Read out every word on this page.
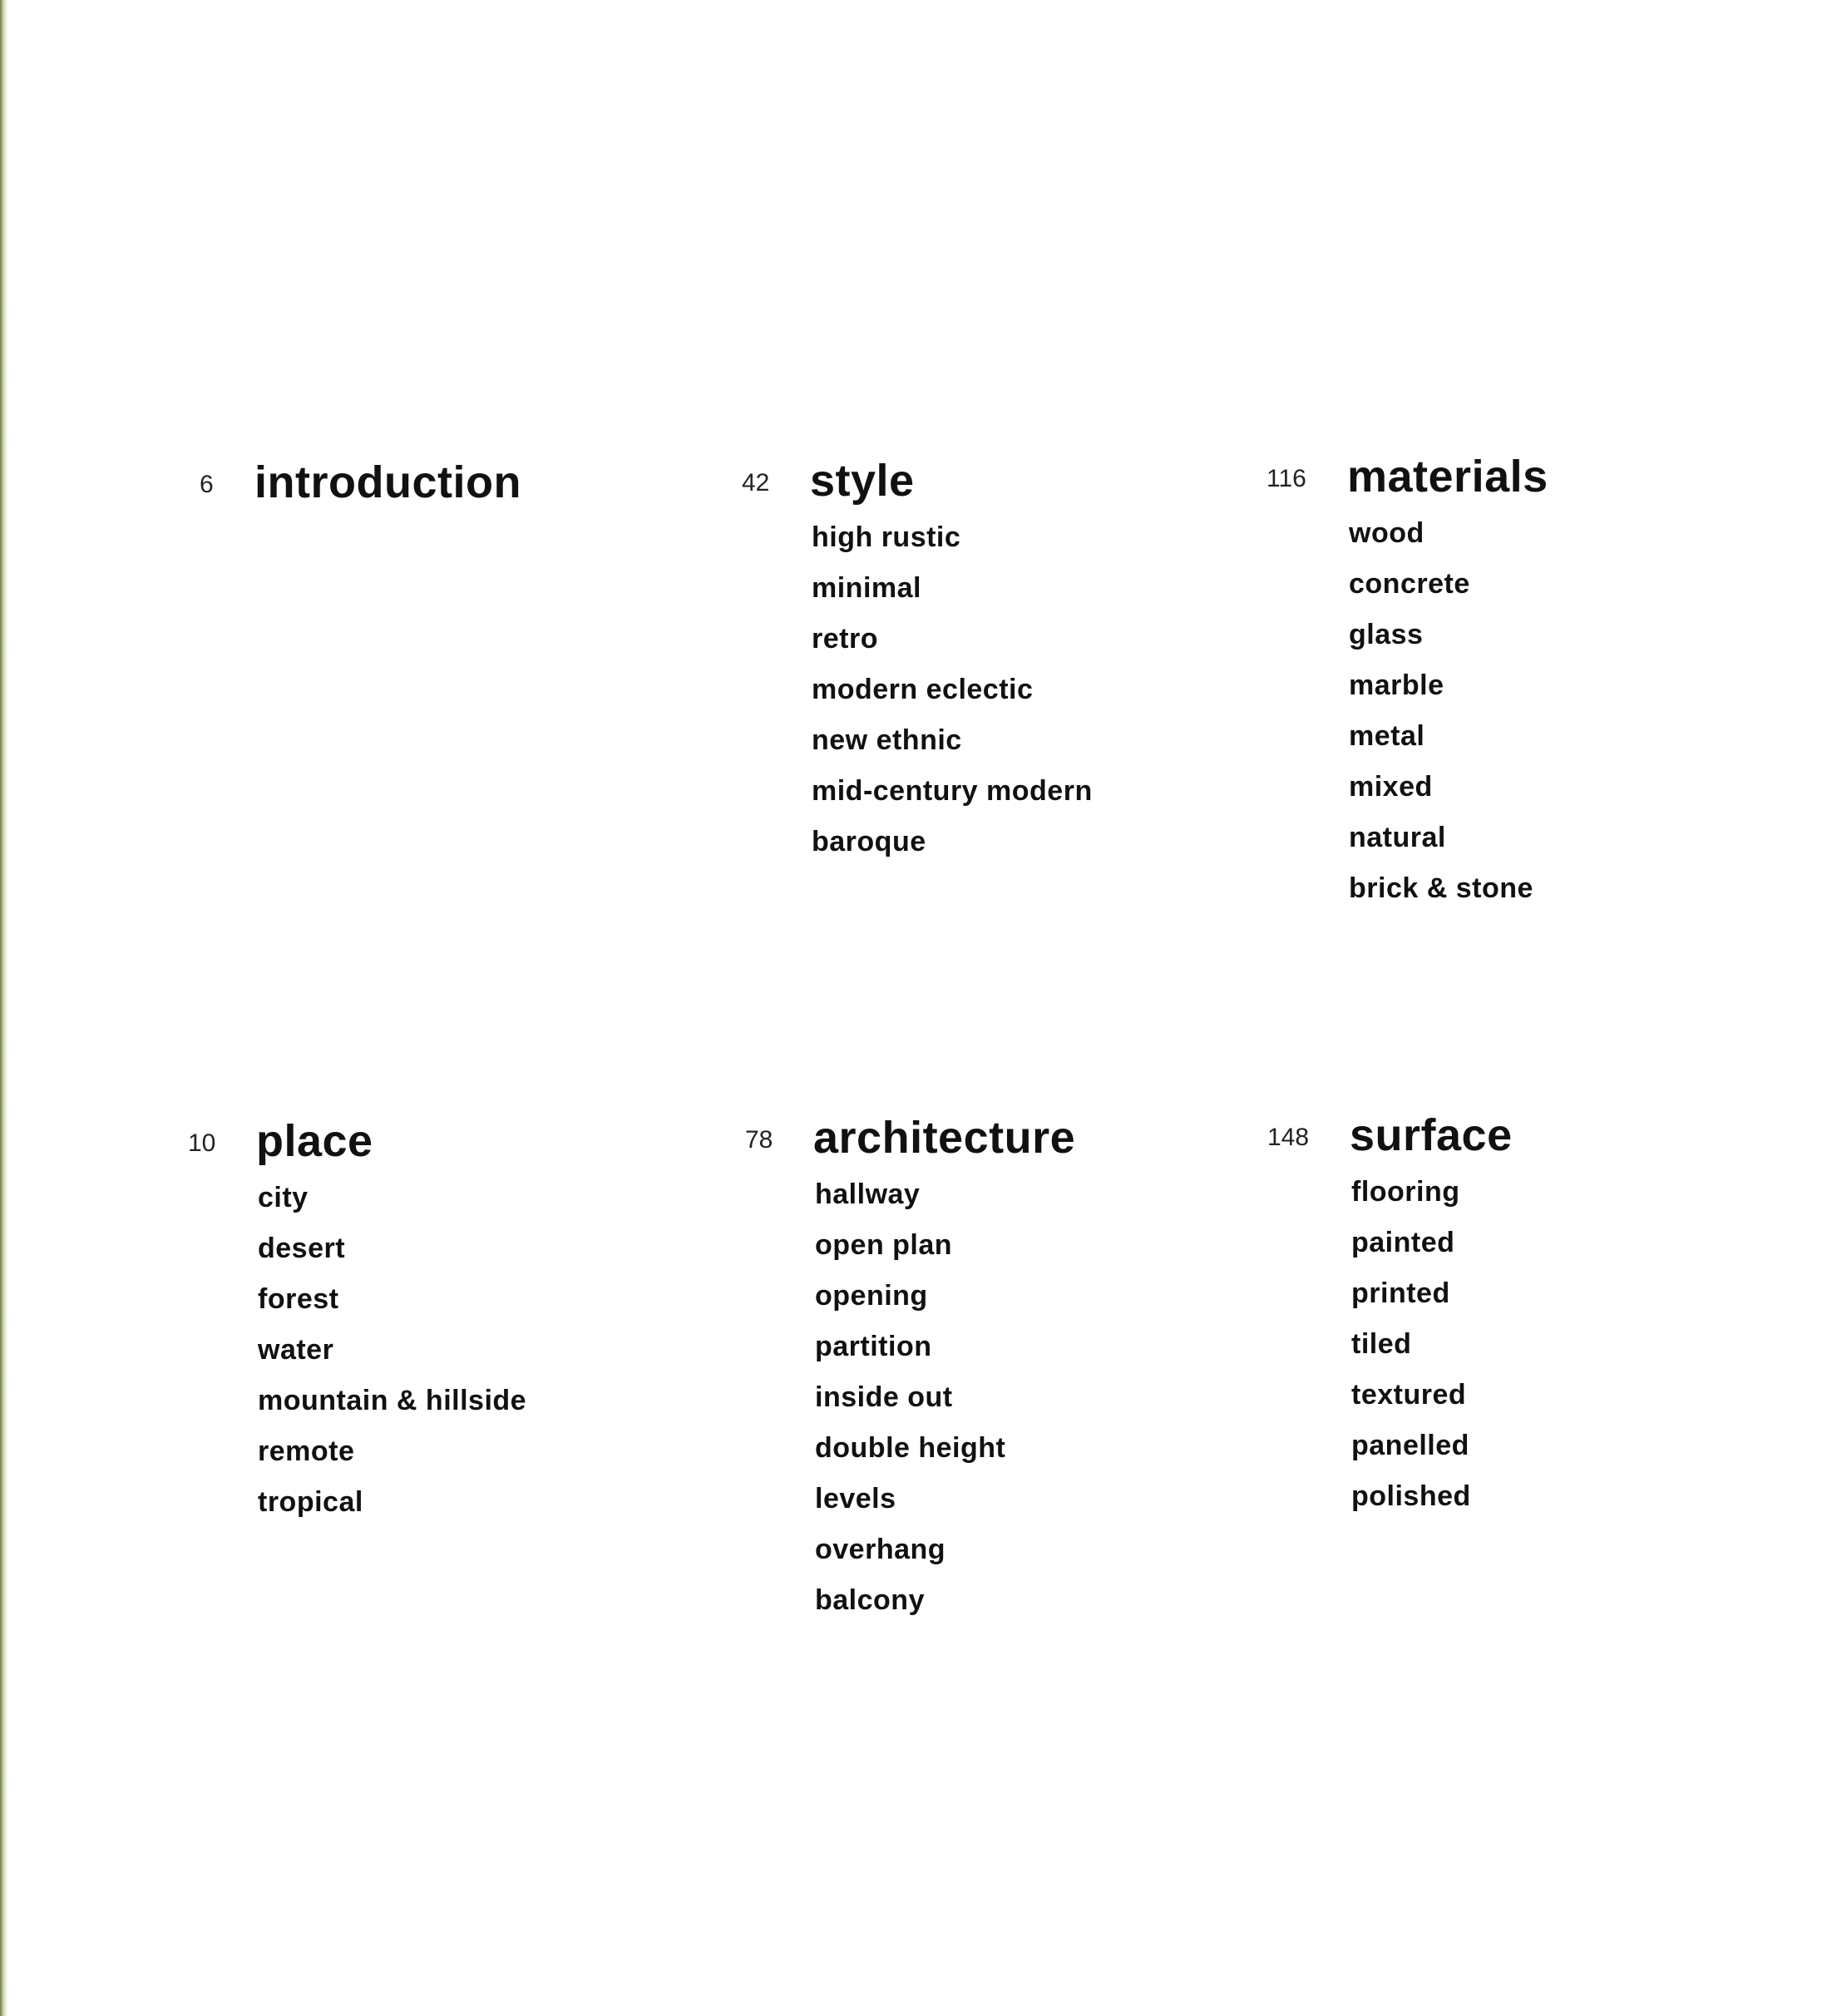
6 introduction	42 style
high rustic
minimal
retro
modern eclectic
new ethnic
mid-century modern
baroque
116 materials
wood
concrete
glass
marble
metal
mixed
natural
brick & stone
10 place
city
desert
forest
water
mountain & hillside
remote
tropical
78 architecture
hallway
open plan
opening
partition
inside out
double height
levels
overhang
balcony
148 surface
flooring
painted
printed
tiled
textured
panelled
polished
